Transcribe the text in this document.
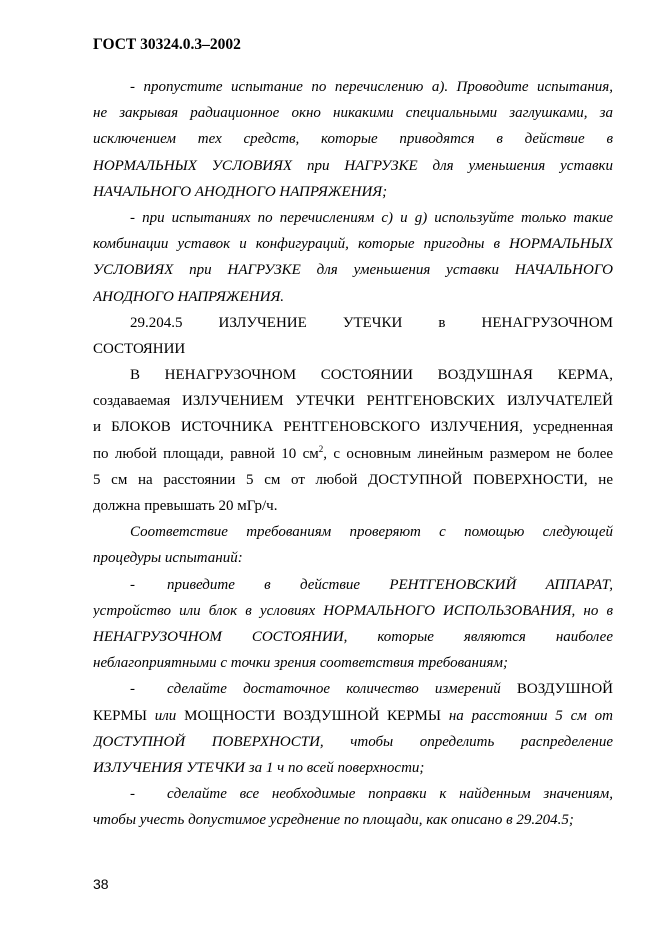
ГОСТ 30324.0.3–2002
- пропустите испытание по перечислению а). Проводите испытания,
не закрывая радиационное окно никакими специальными заглушками, за
исключением тех средств, которые приводятся в действие в
НОРМАЛЬНЫХ УСЛОВИЯХ при НАГРУЗКЕ для уменьшения уставки
НАЧАЛЬНОГО АНОДНОГО НАПРЯЖЕНИЯ;
- при испытаниях по перечислениям с) и g) используйте только такие
комбинации уставок и конфигураций, которые пригодны в НОРМАЛЬНЫХ
УСЛОВИЯХ при НАГРУЗКЕ для уменьшения уставки НАЧАЛЬНОГО
АНОДНОГО НАПРЯЖЕНИЯ.
29.204.5 ИЗЛУЧЕНИЕ УТЕЧКИ в НЕНАГРУЗОЧНОМ
СОСТОЯНИИ
В НЕНАГРУЗОЧНОМ СОСТОЯНИИ ВОЗДУШНАЯ КЕРМА,
создаваемая ИЗЛУЧЕНИЕМ УТЕЧКИ РЕНТГЕНОВСКИХ ИЗЛУЧАТЕЛЕЙ
и БЛОКОВ ИСТОЧНИКА РЕНТГЕНОВСКОГО ИЗЛУЧЕНИЯ, усредненная
по любой площади, равной 10 $см^2$, с основным линейным размером не более
5 см на расстоянии 5 см от любой ДОСТУПНОЙ ПОВЕРХНОСТИ, не
должна превышать 20 мГр/ч.
Соответствие требованиям проверяют с помощью следующей
процедуры испытаний:
-	приведите в действие РЕНТГЕНОВСКИЙ АППАРАТ,
устройство или блок в условиях НОРМАЛЬНОГО ИСПОЛЬЗОВАНИЯ, но в
НЕНАГРУЗОЧНОМ СОСТОЯНИИ, которые являются наиболее
неблагоприятными с точки зрения соответствия требованиям;
-	сделайте достаточное количество измерений ВОЗДУШНОЙ
КЕРМЫ или МОЩНОСТИ ВОЗДУШНОЙ КЕРМЫ на расстоянии 5 см от
ДОСТУПНОЙ ПОВЕРХНОСТИ, чтобы определить распределение
ИЗЛУЧЕНИЯ УТЕЧКИ за 1 ч по всей поверхности;
-	сделайте все необходимые поправки к найденным значениям,
чтобы учесть допустимое усреднение по площади, как описано в 29.204.5;
38
